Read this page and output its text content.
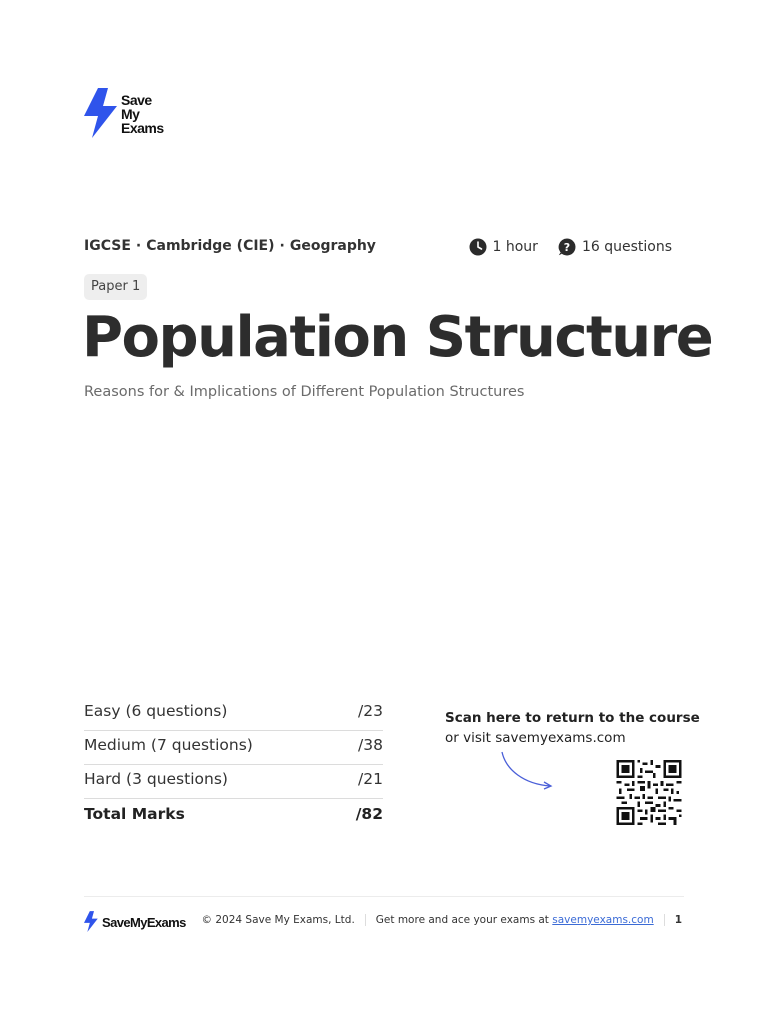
Save
My
Exams
IGCSE · Cambridge (CIE) · Geography	1 hour ? 16 questions
Paper 1
Population Structure
Reasons for & Implications of Different Population Structures
Easy (6 questions)	/23
Medium (7 questions)	/38
Hard (3 questions)	/21
Total Marks	/82
Scan here to return to the course
or visit savemyexams.com
SaveMyExams © 2024 Save My Exams, Ltd. Get more and ace your exams at
savemyexams.com 1
